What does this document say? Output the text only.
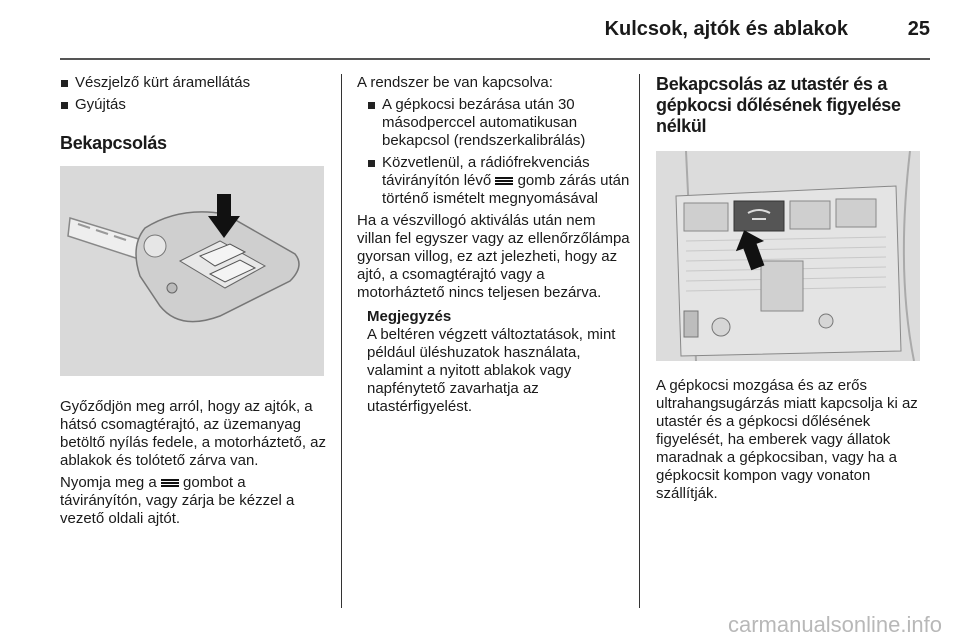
Kulcsok, ajtók és ablakok	25
Vészjelző kürt áramellátás
Gyújtás
Bekapcsolás

Győződjön meg arról, hogy az ajtók, a hátsó csomagtérajtó, az üzemanyag betöltő nyílás fedele, a motorháztető, az ablakok és tolótető zárva van.

Nyomja meg a  gombot a távirányítón, vagy zárja be kézzel a vezető oldali ajtót.

A rendszer be van kapcsolva:

A gépkocsi bezárása után 30 másodperccel automatikusan bekapcsol (rendszerkalibrálás)
Közvetlenül, a rádiófrekvenciás távirányítón lévő  gomb zárás után történő ismételt megnyomásával

Ha a vészvillogó aktiválás után nem villan fel egyszer vagy az ellenőrzőlámpa gyorsan villog, ez azt jelezheti, hogy az ajtó, a csomagtérajtó vagy a motorháztető nincs teljesen bezárva.

Megjegyzés
A beltéren végzett változtatások, mint például üléshuzatok használata, valamint a nyitott ablakok vagy napfénytető zavarhatja az utastérfigyelést.
Bekapcsolás az utastér és a gépkocsi dőlésének figyelése nélkül

A gépkocsi mozgása és az erős ultrahangsugárzás miatt kapcsolja ki az utastér és a gépkocsi dőlésének figyelését, ha emberek vagy állatok maradnak a gépkocsiban, vagy ha a gépkocsit kompon vagy vonaton szállítják.

carmanualsonline.info
